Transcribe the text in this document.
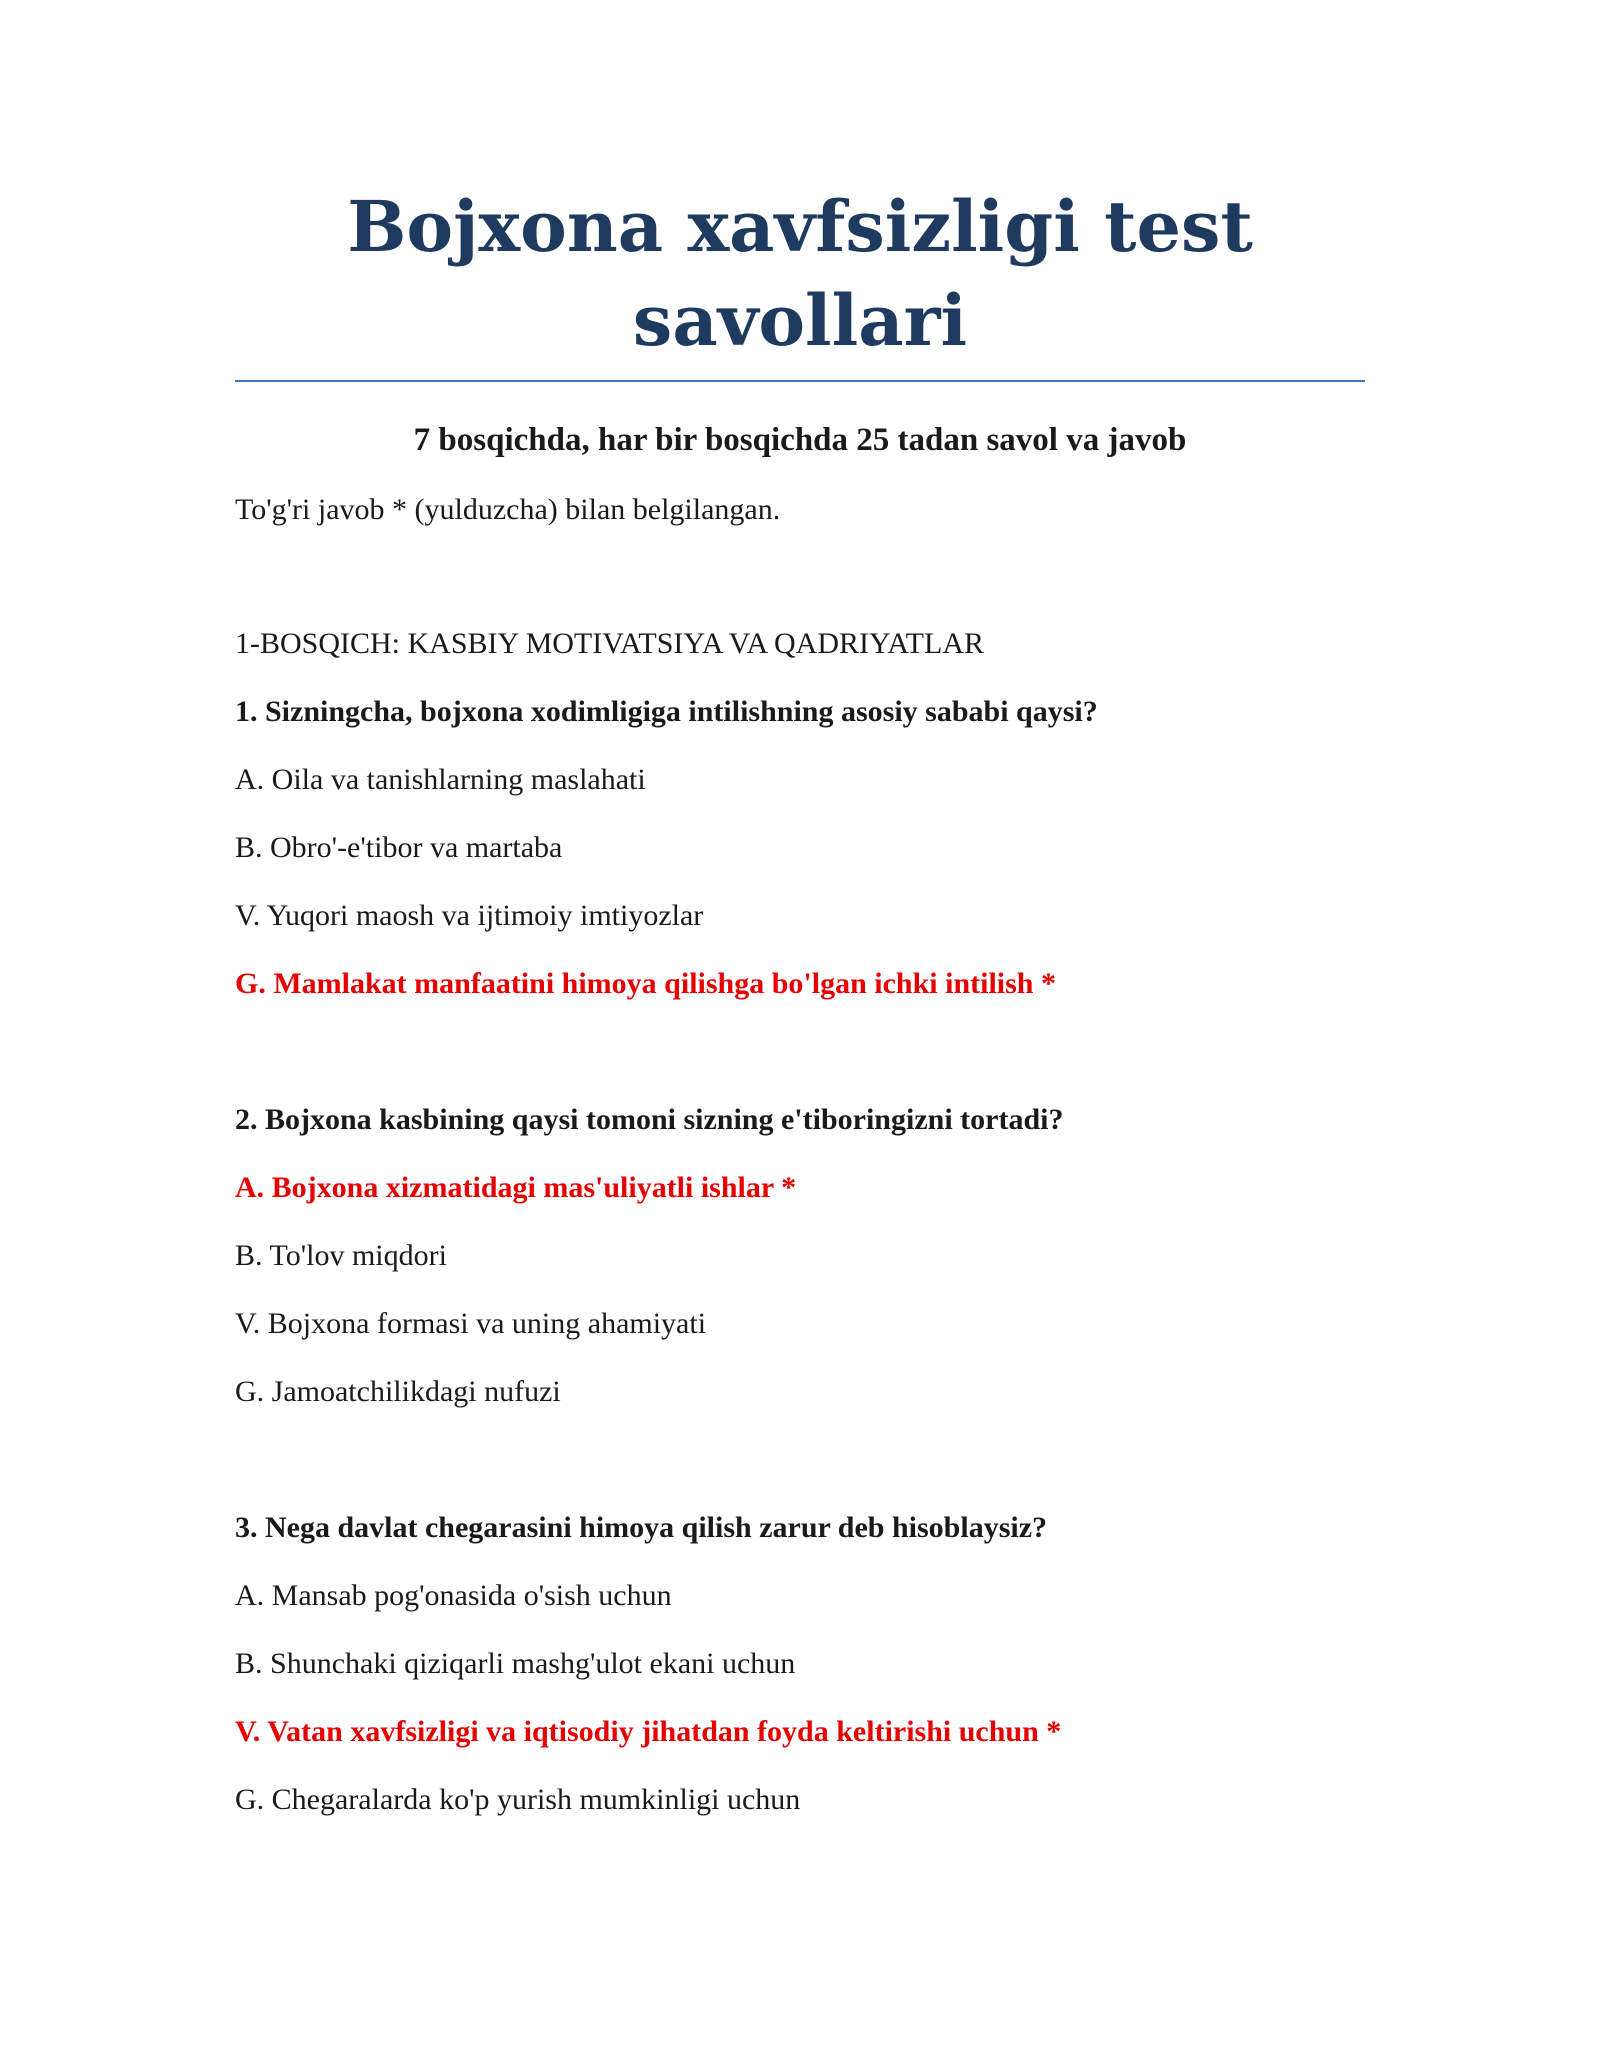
Bojxona xavfsizligi test savollari

7 bosqichda, har bir bosqichda 25 tadan savol va javob

To'g'ri javob * (yulduzcha) bilan belgilangan.

1-BOSQICH: KASBIY MOTIVATSIYA VA QADRIYATLAR

1. Sizningcha, bojxona xodimligiga intilishning asosiy sababi qaysi?

A. Oila va tanishlarning maslahati

B. Obro'-e'tibor va martaba

V. Yuqori maosh va ijtimoiy imtiyozlar

G. Mamlakat manfaatini himoya qilishga bo'lgan ichki intilish *

2. Bojxona kasbining qaysi tomoni sizning e'tiboringizni tortadi?

A. Bojxona xizmatidagi mas'uliyatli ishlar *

B. To'lov miqdori

V. Bojxona formasi va uning ahamiyati

G. Jamoatchilikdagi nufuzi

3. Nega davlat chegarasini himoya qilish zarur deb hisoblaysiz?

A. Mansab pog'onasida o'sish uchun

B. Shunchaki qiziqarli mashg'ulot ekani uchun

V. Vatan xavfsizligi va iqtisodiy jihatdan foyda keltirishi uchun *

G. Chegaralarda ko'p yurish mumkinligi uchun
